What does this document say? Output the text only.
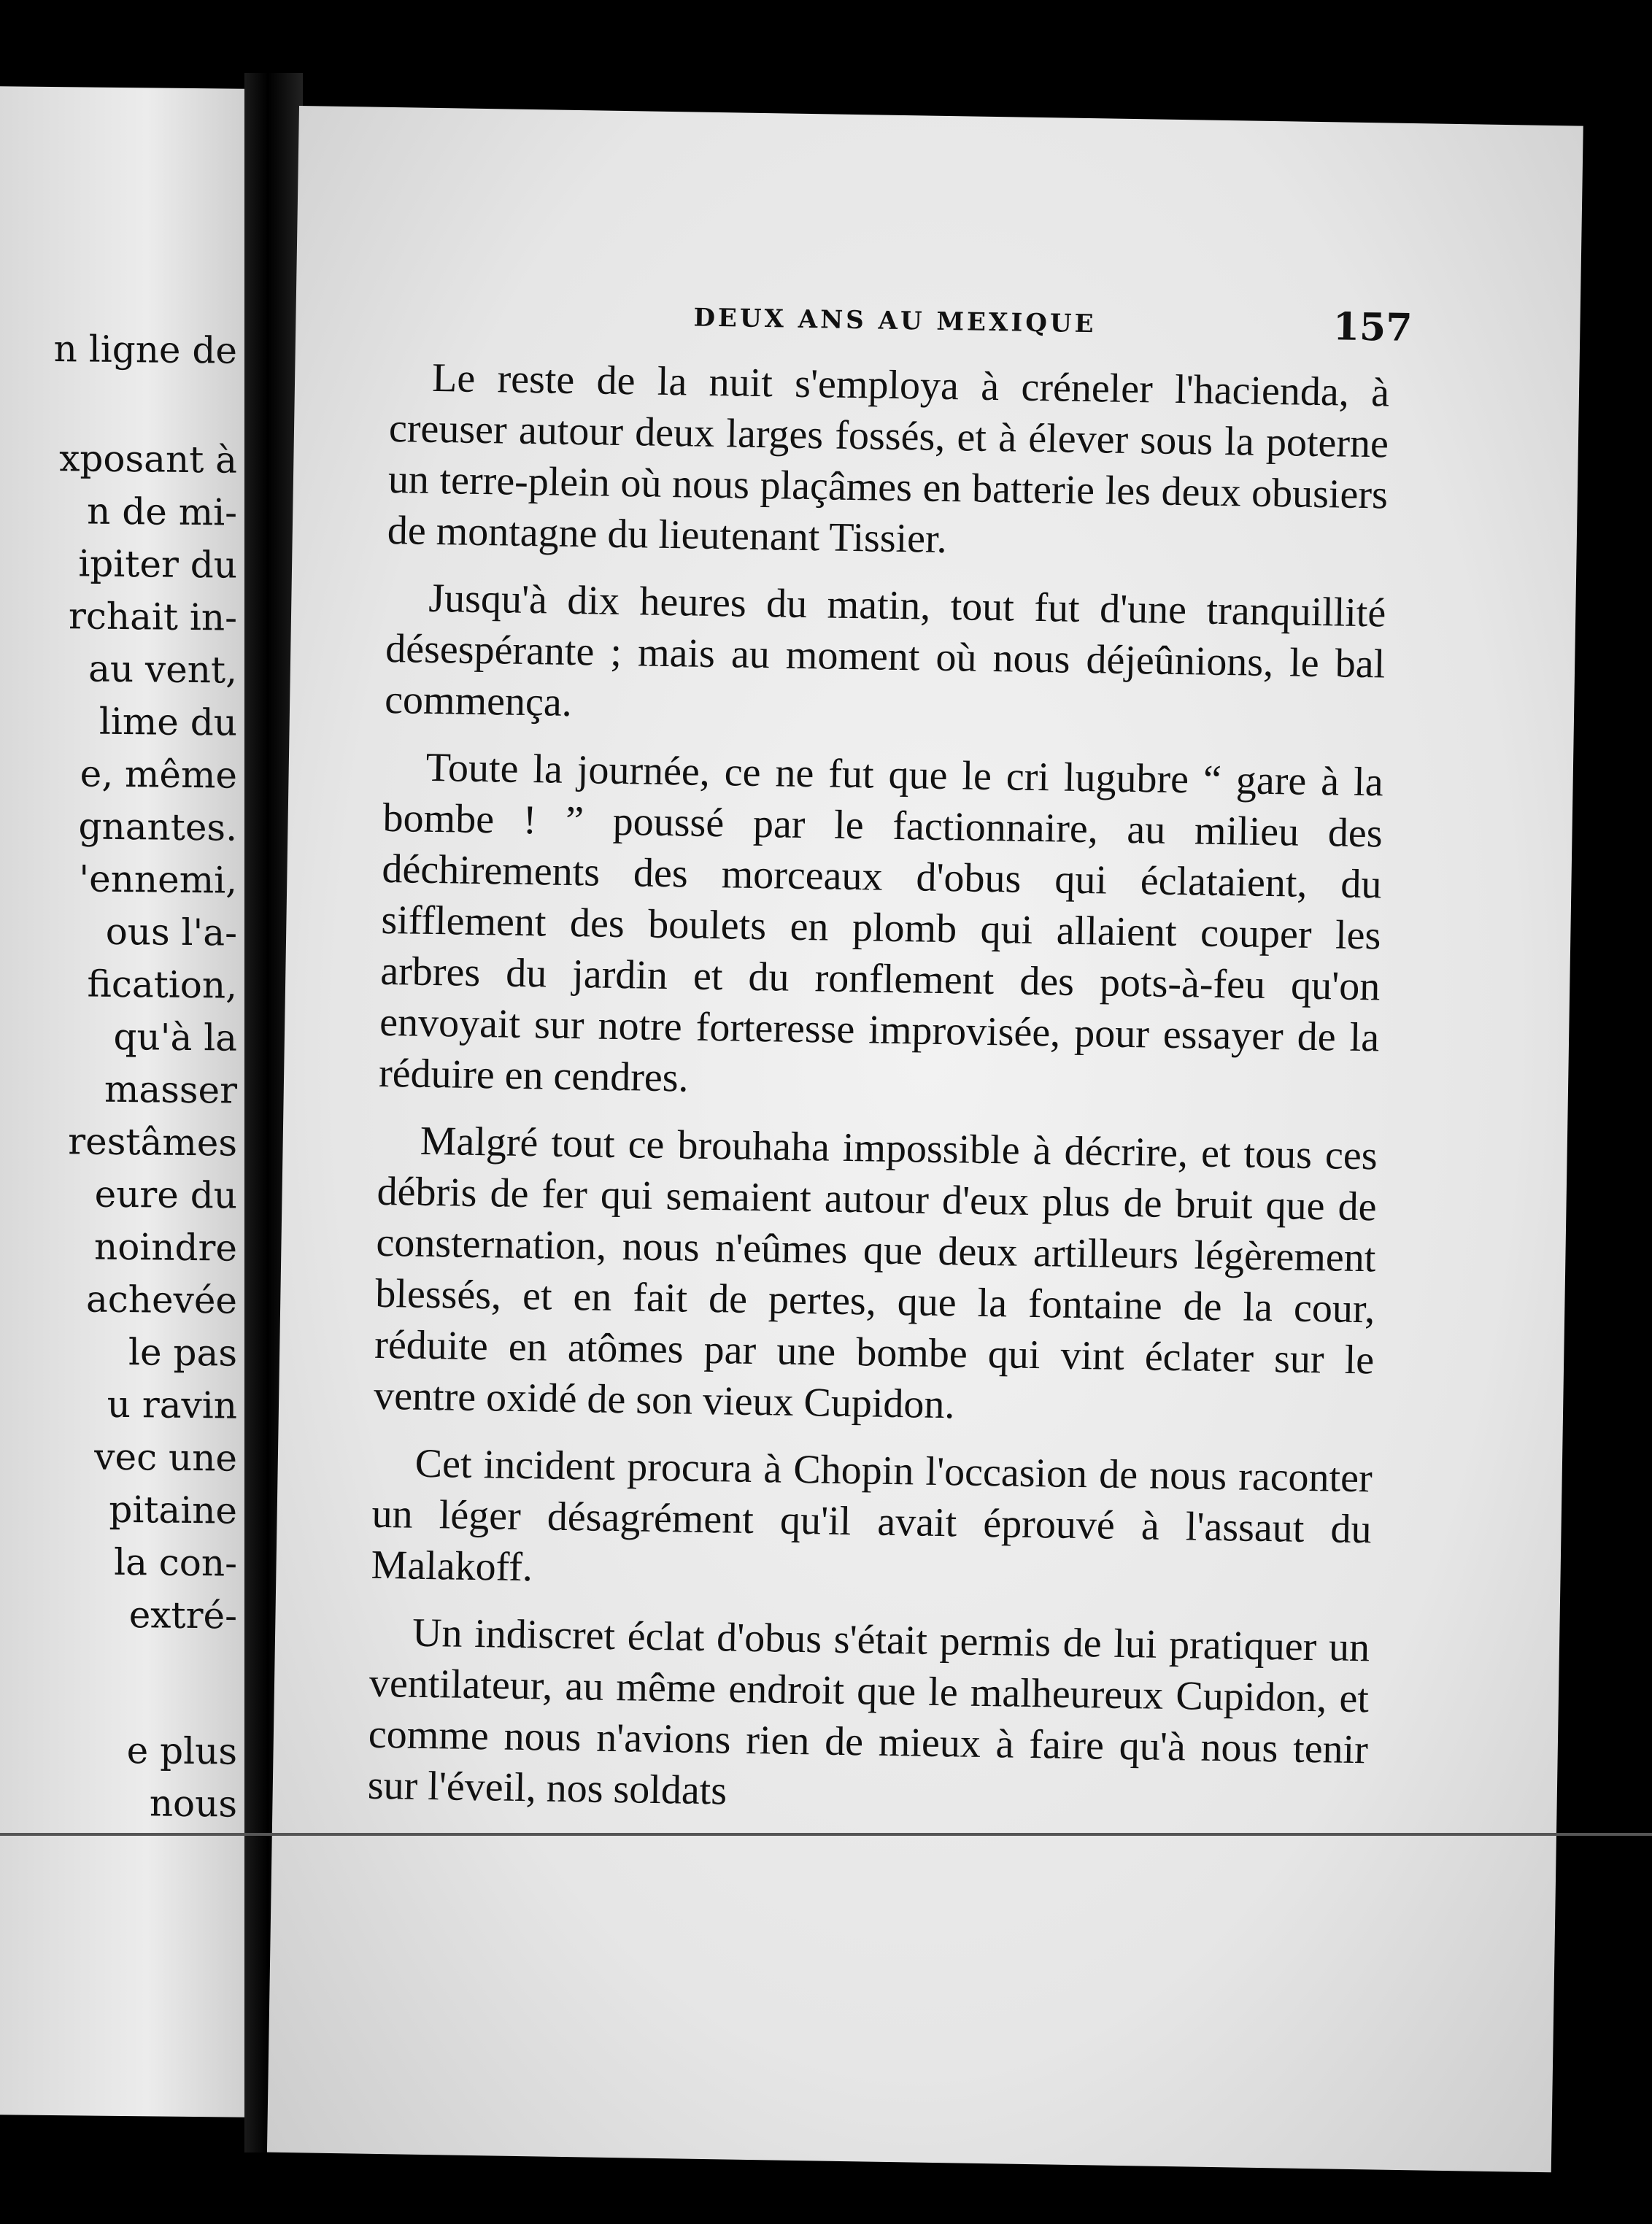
n ligne de
xposant à
n de mi-
ipiter du
rchait in-
au vent,
lime du
e, même
gnantes.
'ennemi,
ous l'a-
fication,
qu'à la
masser
restâmes
eure du
noindre
achevée
le pas
u ravin
vec une
pitaine
la con-
extré-
e plus
nous
DEUX ANS AU MEXIQUE	157

Le reste de la nuit s'employa à créneler l'hacienda, à creuser autour deux larges fossés, et à élever sous la poterne un terre-plein où nous plaçâmes en batterie les deux obusiers de montagne du lieutenant Tissier.

Jusqu'à dix heures du matin, tout fut d'une tranquillité désespérante ; mais au moment où nous déjeûnions, le bal commença.

Toute la journée, ce ne fut que le cri lugubre “ gare à la bombe ! ” poussé par le factionnaire, au milieu des déchirements des morceaux d'obus qui éclataient, du sifflement des boulets en plomb qui allaient couper les arbres du jardin et du ronflement des pots-à-feu qu'on envoyait sur notre forteresse improvisée, pour essayer de la réduire en cendres.

Malgré tout ce brouhaha impossible à décrire, et tous ces débris de fer qui semaient autour d'eux plus de bruit que de consternation, nous n'eûmes que deux artilleurs légèrement blessés, et en fait de pertes, que la fontaine de la cour, réduite en atômes par une bombe qui vint éclater sur le ventre oxidé de son vieux Cupidon.

Cet incident procura à Chopin l'occasion de nous raconter un léger désagrément qu'il avait éprouvé à l'assaut du Malakoff.

Un indiscret éclat d'obus s'était permis de lui pratiquer un ventilateur, au même endroit que le malheureux Cupidon, et comme nous n'avions rien de mieux à faire qu'à nous tenir sur l'éveil, nos soldats
